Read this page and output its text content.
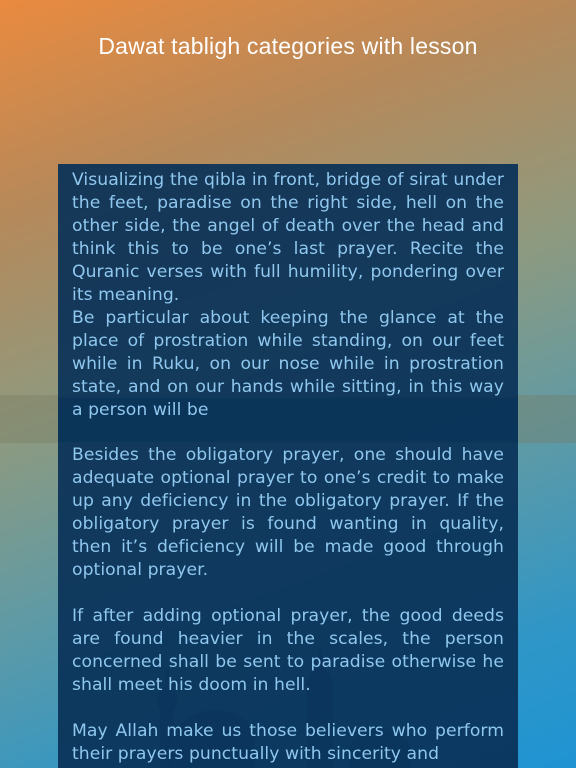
Dawat tabligh categories with lesson

Visualizing the qibla in front, bridge of sirat under the feet, paradise on the right side, hell on the other side, the angel of death over the head and think this to be one’s last prayer. Recite the Quranic verses with full humility, pondering over its meaning.

Be particular about keeping the glance at the place of prostration while standing, on our feet while in Ruku, on our nose while in prostration state, and on our hands while sitting, in this way a person will be

Besides the obligatory prayer, one should have adequate optional prayer to one’s credit to make up any deficiency in the obligatory prayer. If the obligatory prayer is found wanting in quality, then it’s deficiency will be made good through optional prayer.

If after adding optional prayer, the good deeds are found heavier in the scales, the person concerned shall be sent to paradise otherwise he shall meet his doom in hell.

May Allah make us those believers who perform their prayers punctually with sincerity and
